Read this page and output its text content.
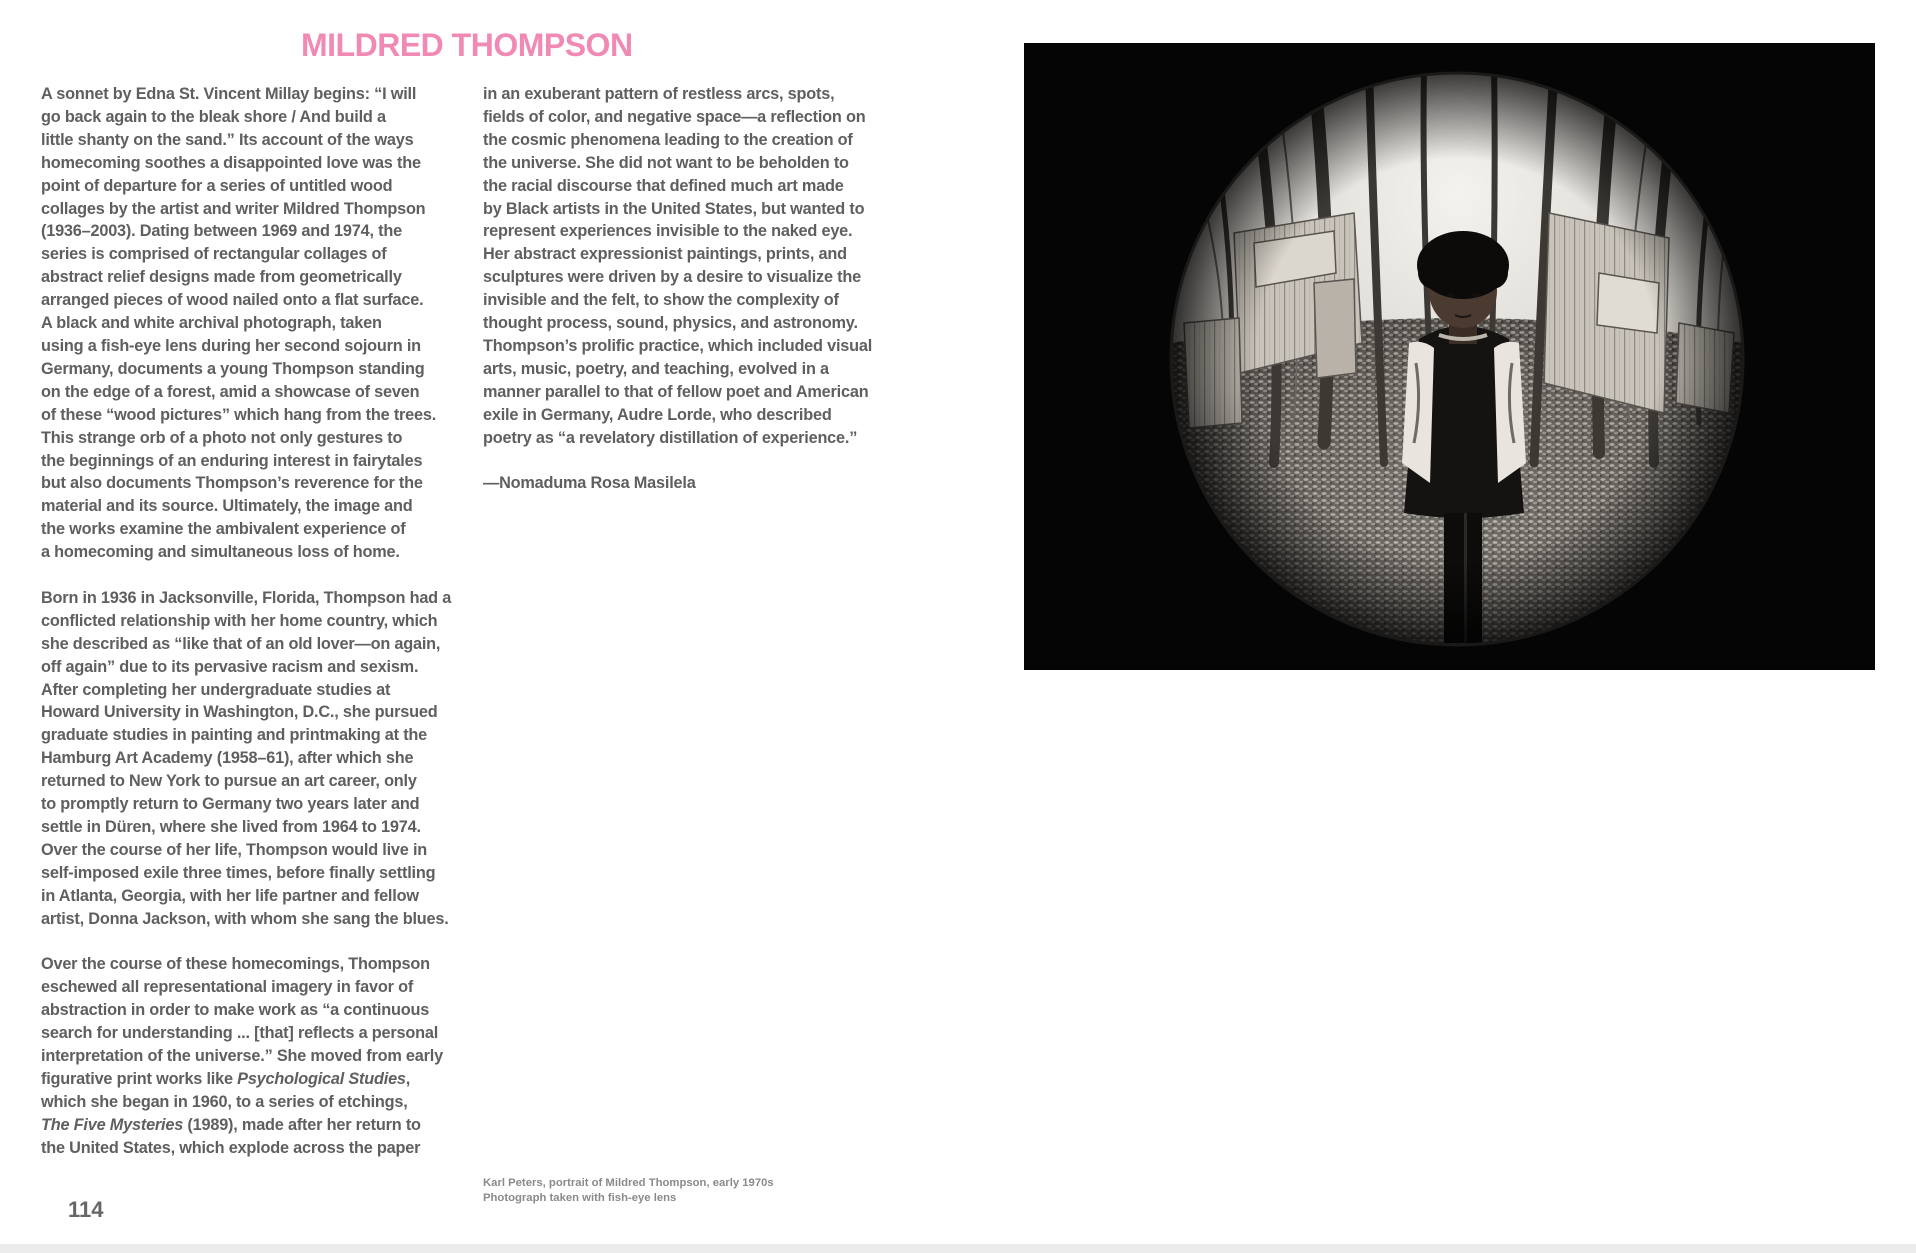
MILDRED THOMPSON

A sonnet by Edna St. Vincent Millay begins: “I will
go back again to the bleak shore / And build a
little shanty on the sand.” Its account of the ways
homecoming soothes a disappointed love was the
point of departure for a series of untitled wood
collages by the artist and writer Mildred Thompson
(1936–2003). Dating between 1969 and 1974, the
series is comprised of rectangular collages of
abstract relief designs made from geometrically
arranged pieces of wood nailed onto a flat surface.
A black and white archival photograph, taken
using a fish-eye lens during her second sojourn in
Germany, documents a young Thompson standing
on the edge of a forest, amid a showcase of seven
of these “wood pictures” which hang from the trees.
This strange orb of a photo not only gestures to
the beginnings of an enduring interest in fairytales
but also documents Thompson’s reverence for the
material and its source. Ultimately, the image and
the works examine the ambivalent experience of
a homecoming and simultaneous loss of home.

Born in 1936 in Jacksonville, Florida, Thompson had a
conflicted relationship with her home country, which
she described as “like that of an old lover—on again,
off again” due to its pervasive racism and sexism.
After completing her undergraduate studies at
Howard University in Washington, D.C., she pursued
graduate studies in painting and printmaking at the
Hamburg Art Academy (1958–61), after which she
returned to New York to pursue an art career, only
to promptly return to Germany two years later and
settle in Düren, where she lived from 1964 to 1974.
Over the course of her life, Thompson would live in
self-imposed exile three times, before finally settling
in Atlanta, Georgia, with her life partner and fellow
artist, Donna Jackson, with whom she sang the blues.

Over the course of these homecomings, Thompson
eschewed all representational imagery in favor of
abstraction in order to make work as “a continuous
search for understanding ... [that] reflects a personal
interpretation of the universe.” She moved from early
figurative print works like Psychological Studies,
which she began in 1960, to a series of etchings,
The Five Mysteries (1989), made after her return to
the United States, which explode across the paper

in an exuberant pattern of restless arcs, spots,
fields of color, and negative space—a reflection on
the cosmic phenomena leading to the creation of
the universe. She did not want to be beholden to
the racial discourse that defined much art made
by Black artists in the United States, but wanted to
represent experiences invisible to the naked eye.
Her abstract expressionist paintings, prints, and
sculptures were driven by a desire to visualize the
invisible and the felt, to show the complexity of
thought process, sound, physics, and astronomy.
Thompson’s prolific practice, which included visual
arts, music, poetry, and teaching, evolved in a
manner parallel to that of fellow poet and American
exile in Germany, Audre Lorde, who described
poetry as “a revelatory distillation of experience.”

—Nomaduma Rosa Masilela

Karl Peters, portrait of Mildred Thompson, early 1970s
Photograph taken with fish-eye lens
114
